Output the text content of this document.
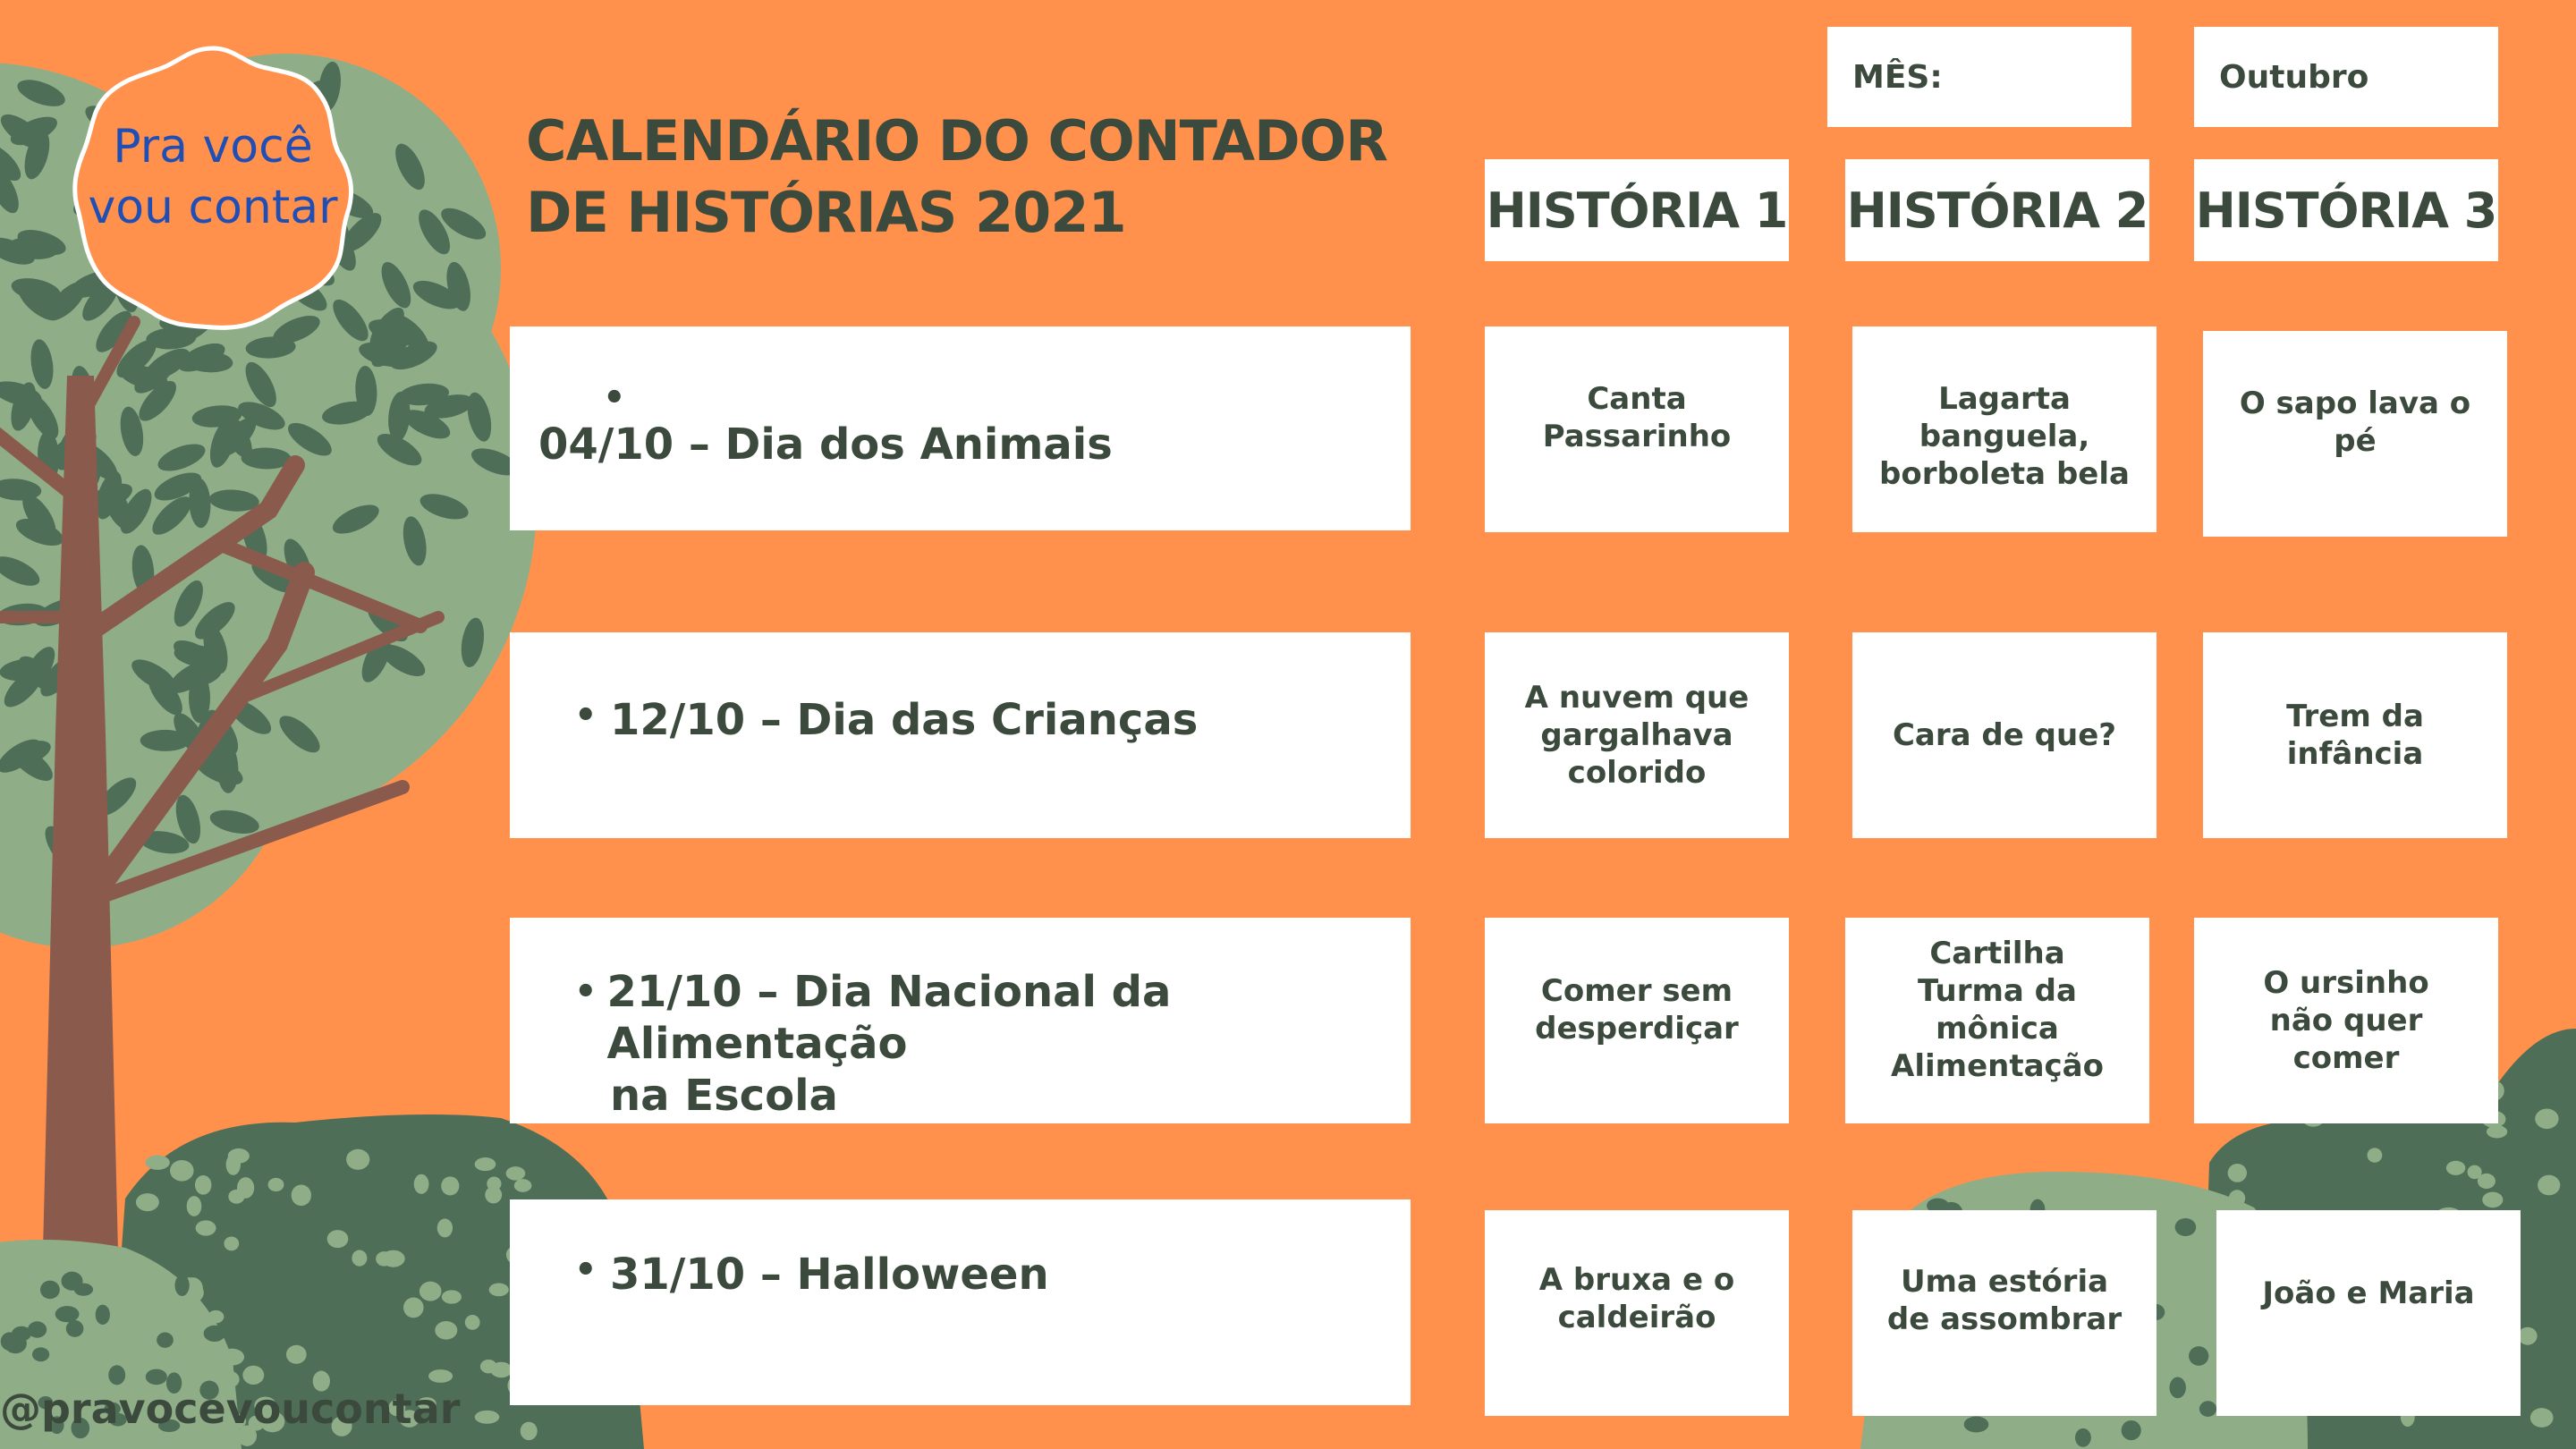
Pra você
vou contar
CALENDÁRIO DO CONTADOR
DE HISTÓRIAS 2021
MÊS:	Outubro
HISTÓRIA 1 HISTÓRIA 2 HISTÓRIA 3
•
04/10 – Dia dos Animais
• 12/10 – Dia das Crianças
• 21/10 – Dia Nacional da Alimentação
na Escola
• 31/10 – Halloween
Canta Passarinho
Lagarta banguela, borboleta bela
O sapo lava o pé
A nuvem que gargalhava colorido
Cara de que?
Trem da infância
Comer sem desperdiçar
Cartilha Turma da mônica Alimentação
O ursinho não quer comer
A bruxa e o caldeirão
Uma estória de assombrar
João e Maria
@pravocevoucontar
